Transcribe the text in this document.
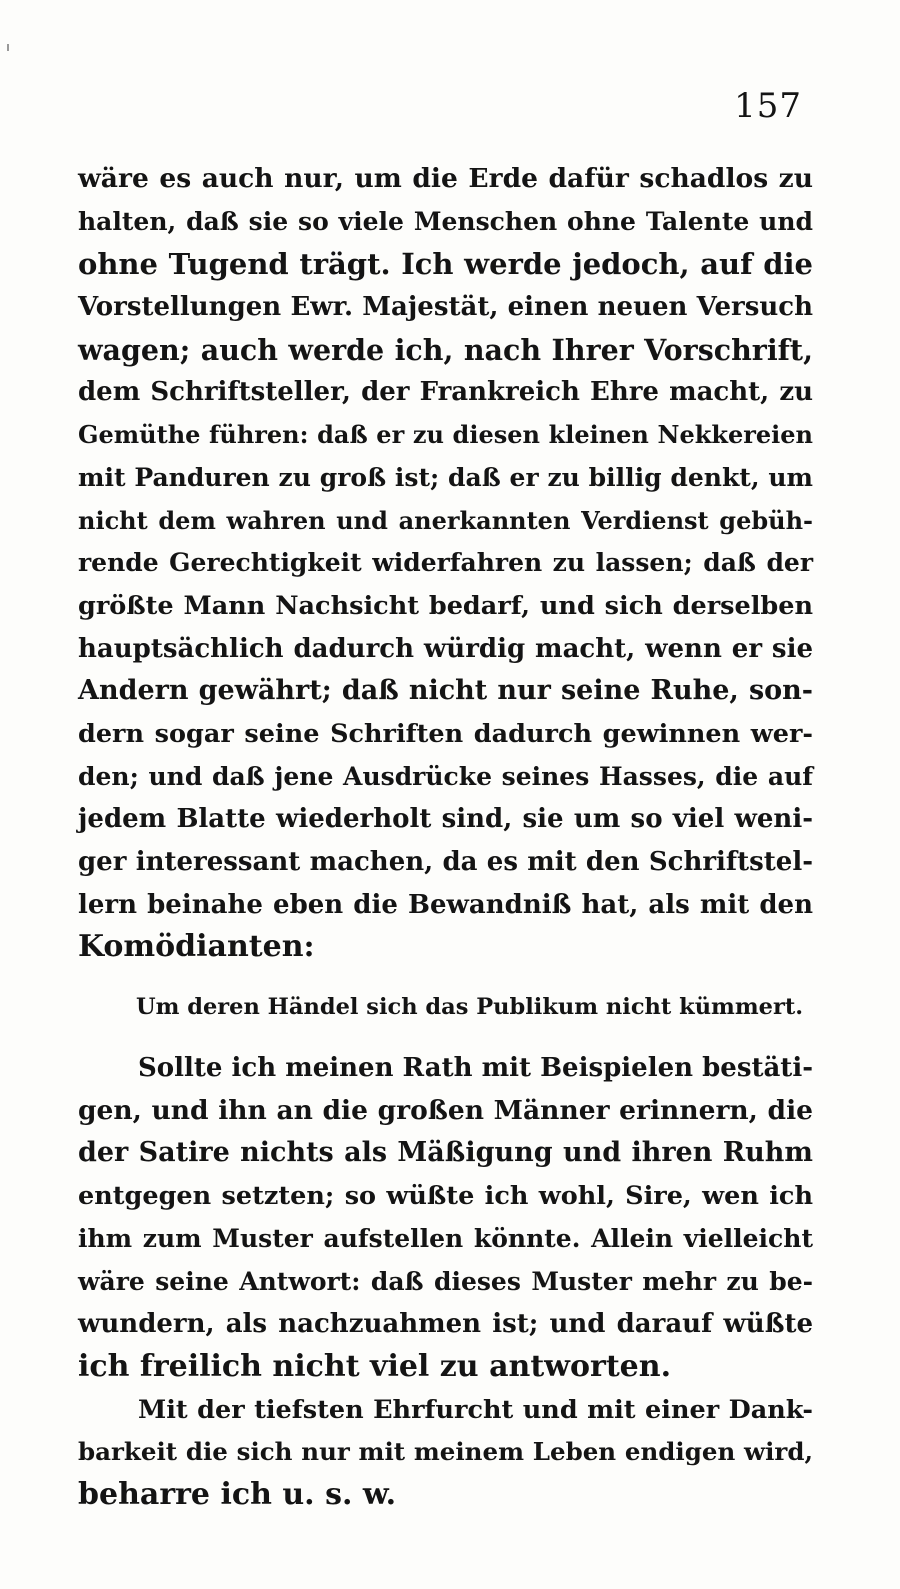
157
wäre es auch nur, um die Erde dafür schadlos zu
halten, daß sie so viele Menschen ohne Talente und
ohne Tugend trägt. Ich werde jedoch, auf die
Vorstellungen Ewr. Majestät, einen neuen Versuch
wagen; auch werde ich, nach Ihrer Vorschrift,
dem Schriftsteller, der Frankreich Ehre macht, zu
Gemüthe führen: daß er zu diesen kleinen Nekkereien
mit Panduren zu groß ist; daß er zu billig denkt, um
nicht dem wahren und anerkannten Verdienst gebüh-
rende Gerechtigkeit widerfahren zu lassen; daß der
größte Mann Nachsicht bedarf, und sich derselben
hauptsächlich dadurch würdig macht, wenn er sie
Andern gewährt; daß nicht nur seine Ruhe, son-
dern sogar seine Schriften dadurch gewinnen wer-
den; und daß jene Ausdrücke seines Hasses, die auf
jedem Blatte wiederholt sind, sie um so viel weni-
ger interessant machen, da es mit den Schriftstel-
lern beinahe eben die Bewandniß hat, als mit den
Komödianten:
Um deren Händel sich das Publikum nicht kümmert.
Sollte ich meinen Rath mit Beispielen bestäti-
gen, und ihn an die großen Männer erinnern, die
der Satire nichts als Mäßigung und ihren Ruhm
entgegen setzten; so wüßte ich wohl, Sire, wen ich
ihm zum Muster aufstellen könnte. Allein vielleicht
wäre seine Antwort: daß dieses Muster mehr zu be-
wundern, als nachzuahmen ist; und darauf wüßte
ich freilich nicht viel zu antworten.
Mit der tiefsten Ehrfurcht und mit einer Dank-
barkeit die sich nur mit meinem Leben endigen wird,
beharre ich u. s. w.
